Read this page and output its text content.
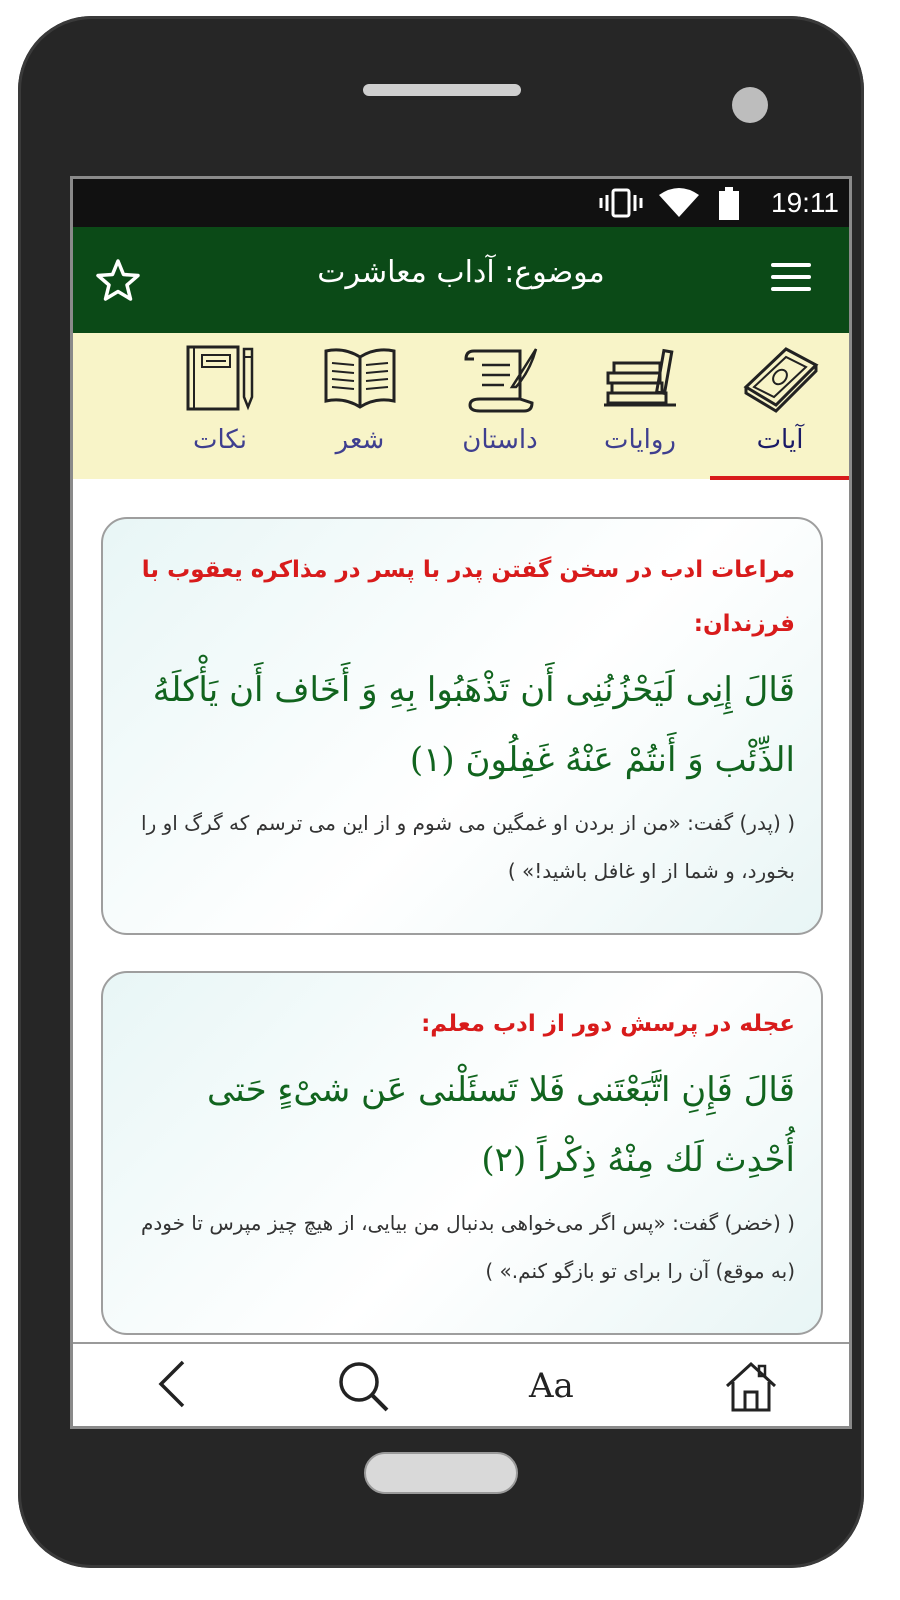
19:11
موضوع: آداب معاشرت
آیات
روایات
داستان
شعر
نکات
مراعات ادب در سخن گفتن پدر با پسر در مذاکره یعقوب با فرزندان:
قَالَ إِنِی لَیَحْزُنُنِی أَن تَذْهَبُوا بِهِ وَ أَخَاف أَن یَأْکلَهُ الذِّئْب وَ أَنتُمْ عَنْهُ غَفِلُونَ (۱)
( (پدر) گفت: «من از بردن او غمگین می شوم و از این می ترسم که گرگ او را بخورد، و شما از او غافل باشید!» )
عجله در پرسش دور از ادب معلم:
قَالَ فَإِنِ اتَّبَعْتَنی فَلا تَسئَلْنی عَن شیْءٍ حَتی أُحْدِث لَك مِنْهُ ذِکْراً (۲)
( (خضر) گفت: «پس اگر می‌خواهی بدنبال من بیایی، از هیچ چیز مپرس تا خودم (به موقع) آن را برای تو بازگو کنم.» )
Aa
